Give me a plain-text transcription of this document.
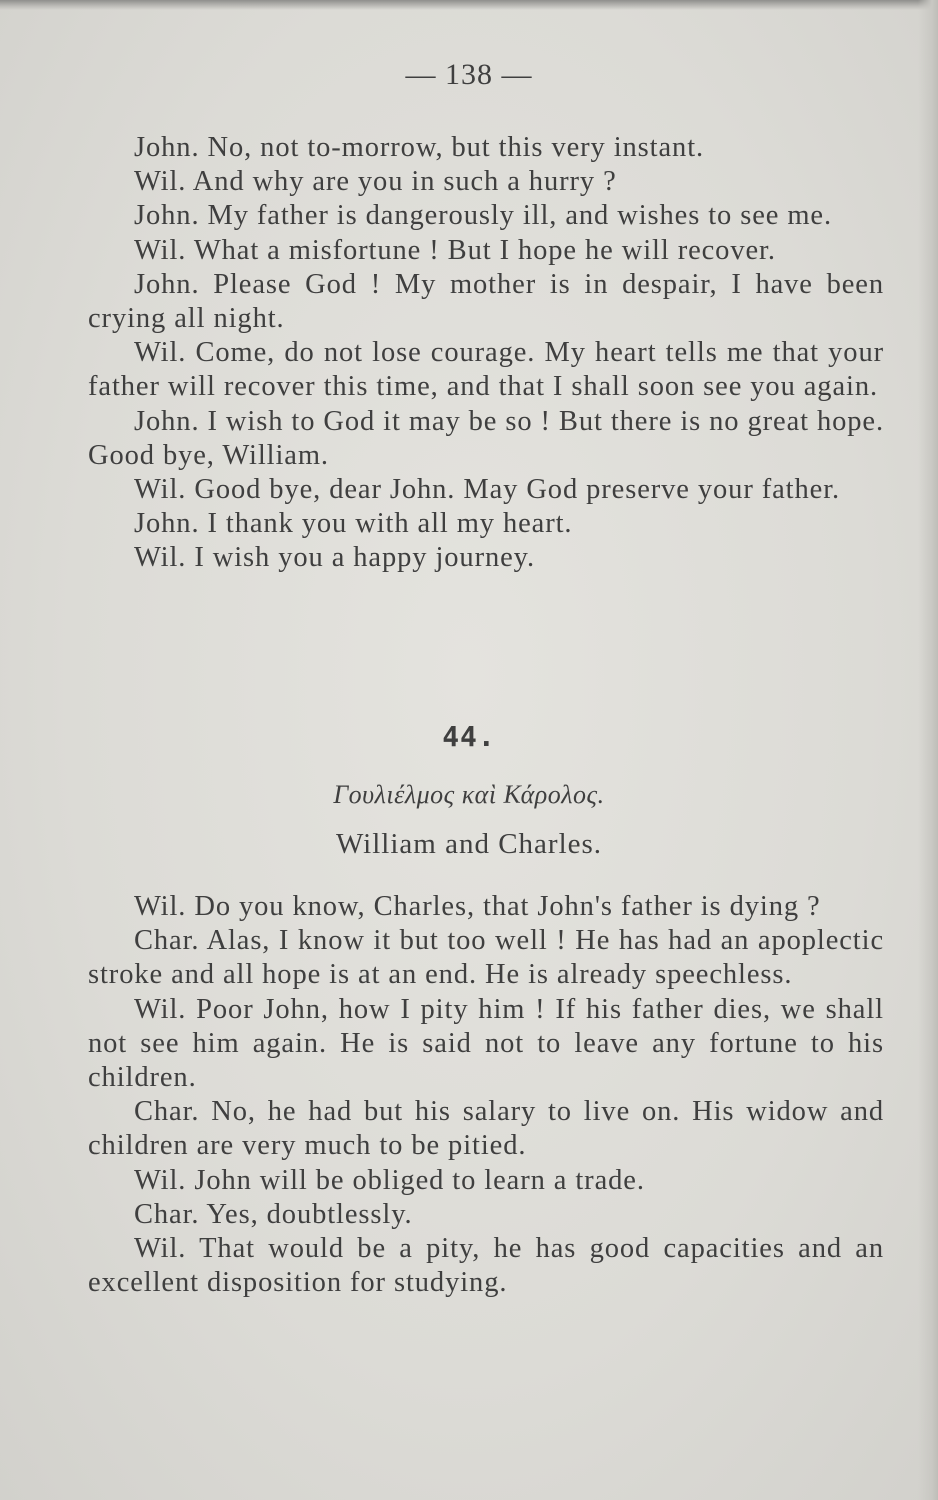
— 138 —

John. No, not to-morrow, but this very instant.

Wil. And why are you in such a hurry ?

John. My father is dangerously ill, and wishes to see me.

Wil. What a misfortune ! But I hope he will recover.

John. Please God ! My mother is in despair, I have been crying all night.

Wil. Come, do not lose courage. My heart tells me that your father will recover this time, and that I shall soon see you again.

John. I wish to God it may be so ! But there is no great hope. Good bye, William.

Wil. Good bye, dear John. May God preserve your father.

John. I thank you with all my heart.

Wil. I wish you a happy journey.

44.
Γουλιέλμος καὶ Κάρολος.
William and Charles.

Wil. Do you know, Charles, that John's father is dying ?

Char. Alas, I know it but too well ! He has had an apoplectic stroke and all hope is at an end. He is already speechless.

Wil. Poor John, how I pity him ! If his father dies, we shall not see him again. He is said not to leave any fortune to his children.

Char. No, he had but his salary to live on. His widow and children are very much to be pitied.

Wil. John will be obliged to learn a trade.

Char. Yes, doubtlessly.

Wil. That would be a pity, he has good capacities and an excellent disposition for studying.
